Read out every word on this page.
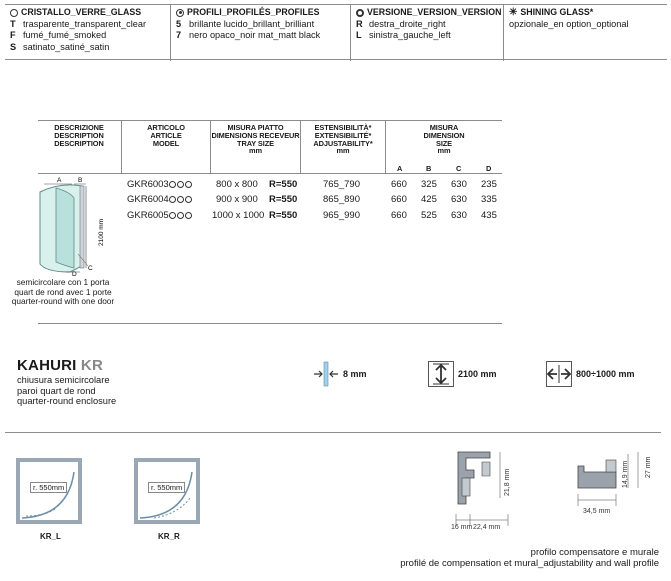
CRISTALLO_VERRE_GLASS
T trasparente_transparent_clear
F fumé_fumé_smoked
S satinato_satiné_satin
PROFILI_PROFILÉS_PROFILES
5 brillante lucido_brillant_brilliant
7 nero opaco_noir mat_matt black
VERSIONE_VERSION_VERSION
R destra_droite_right
L sinistra_gauche_left
✳ SHINING GLASS*
opzionale_en option_optional
DESCRIZIONE
DESCRIPTION
DESCRIPTION
ARTICOLO
ARTICLE
MODEL
MISURA PIATTO
DIMENSIONS RECEVEUR
TRAY SIZE
mm
ESTENSIBILITÀ*
EXTENSIBILITÉ*
ADJUSTABILITY*
mm
MISURA
DIMENSION
SIZE
mm
A	B	C	D
A	B
C
D
2100 mm
semicircolare con 1 porta
quart de rond avec 1 porte
quarter-round with one door
GKR6003	800 x 800 R=550	765_790	660 325 630 235
GKR6004	900 x 900 R=550	865_890	660 425 630 335
GKR6005	1000 x 1000 R=550	965_990	660 525 630 435
KAHURI KR
chiusura semicircolare
paroi quart de rond
quarter-round enclosure
8 mm	2100 mm	800÷1000 mm
r. 550mm
KR_L
r. 550mm
KR_R
16 mm 22,4 mm
21,8 mm
34,5 mm
14,9 mm 27 mm
profilo compensatore e murale
profilé de compensation et mural_adjustability and wall profile
